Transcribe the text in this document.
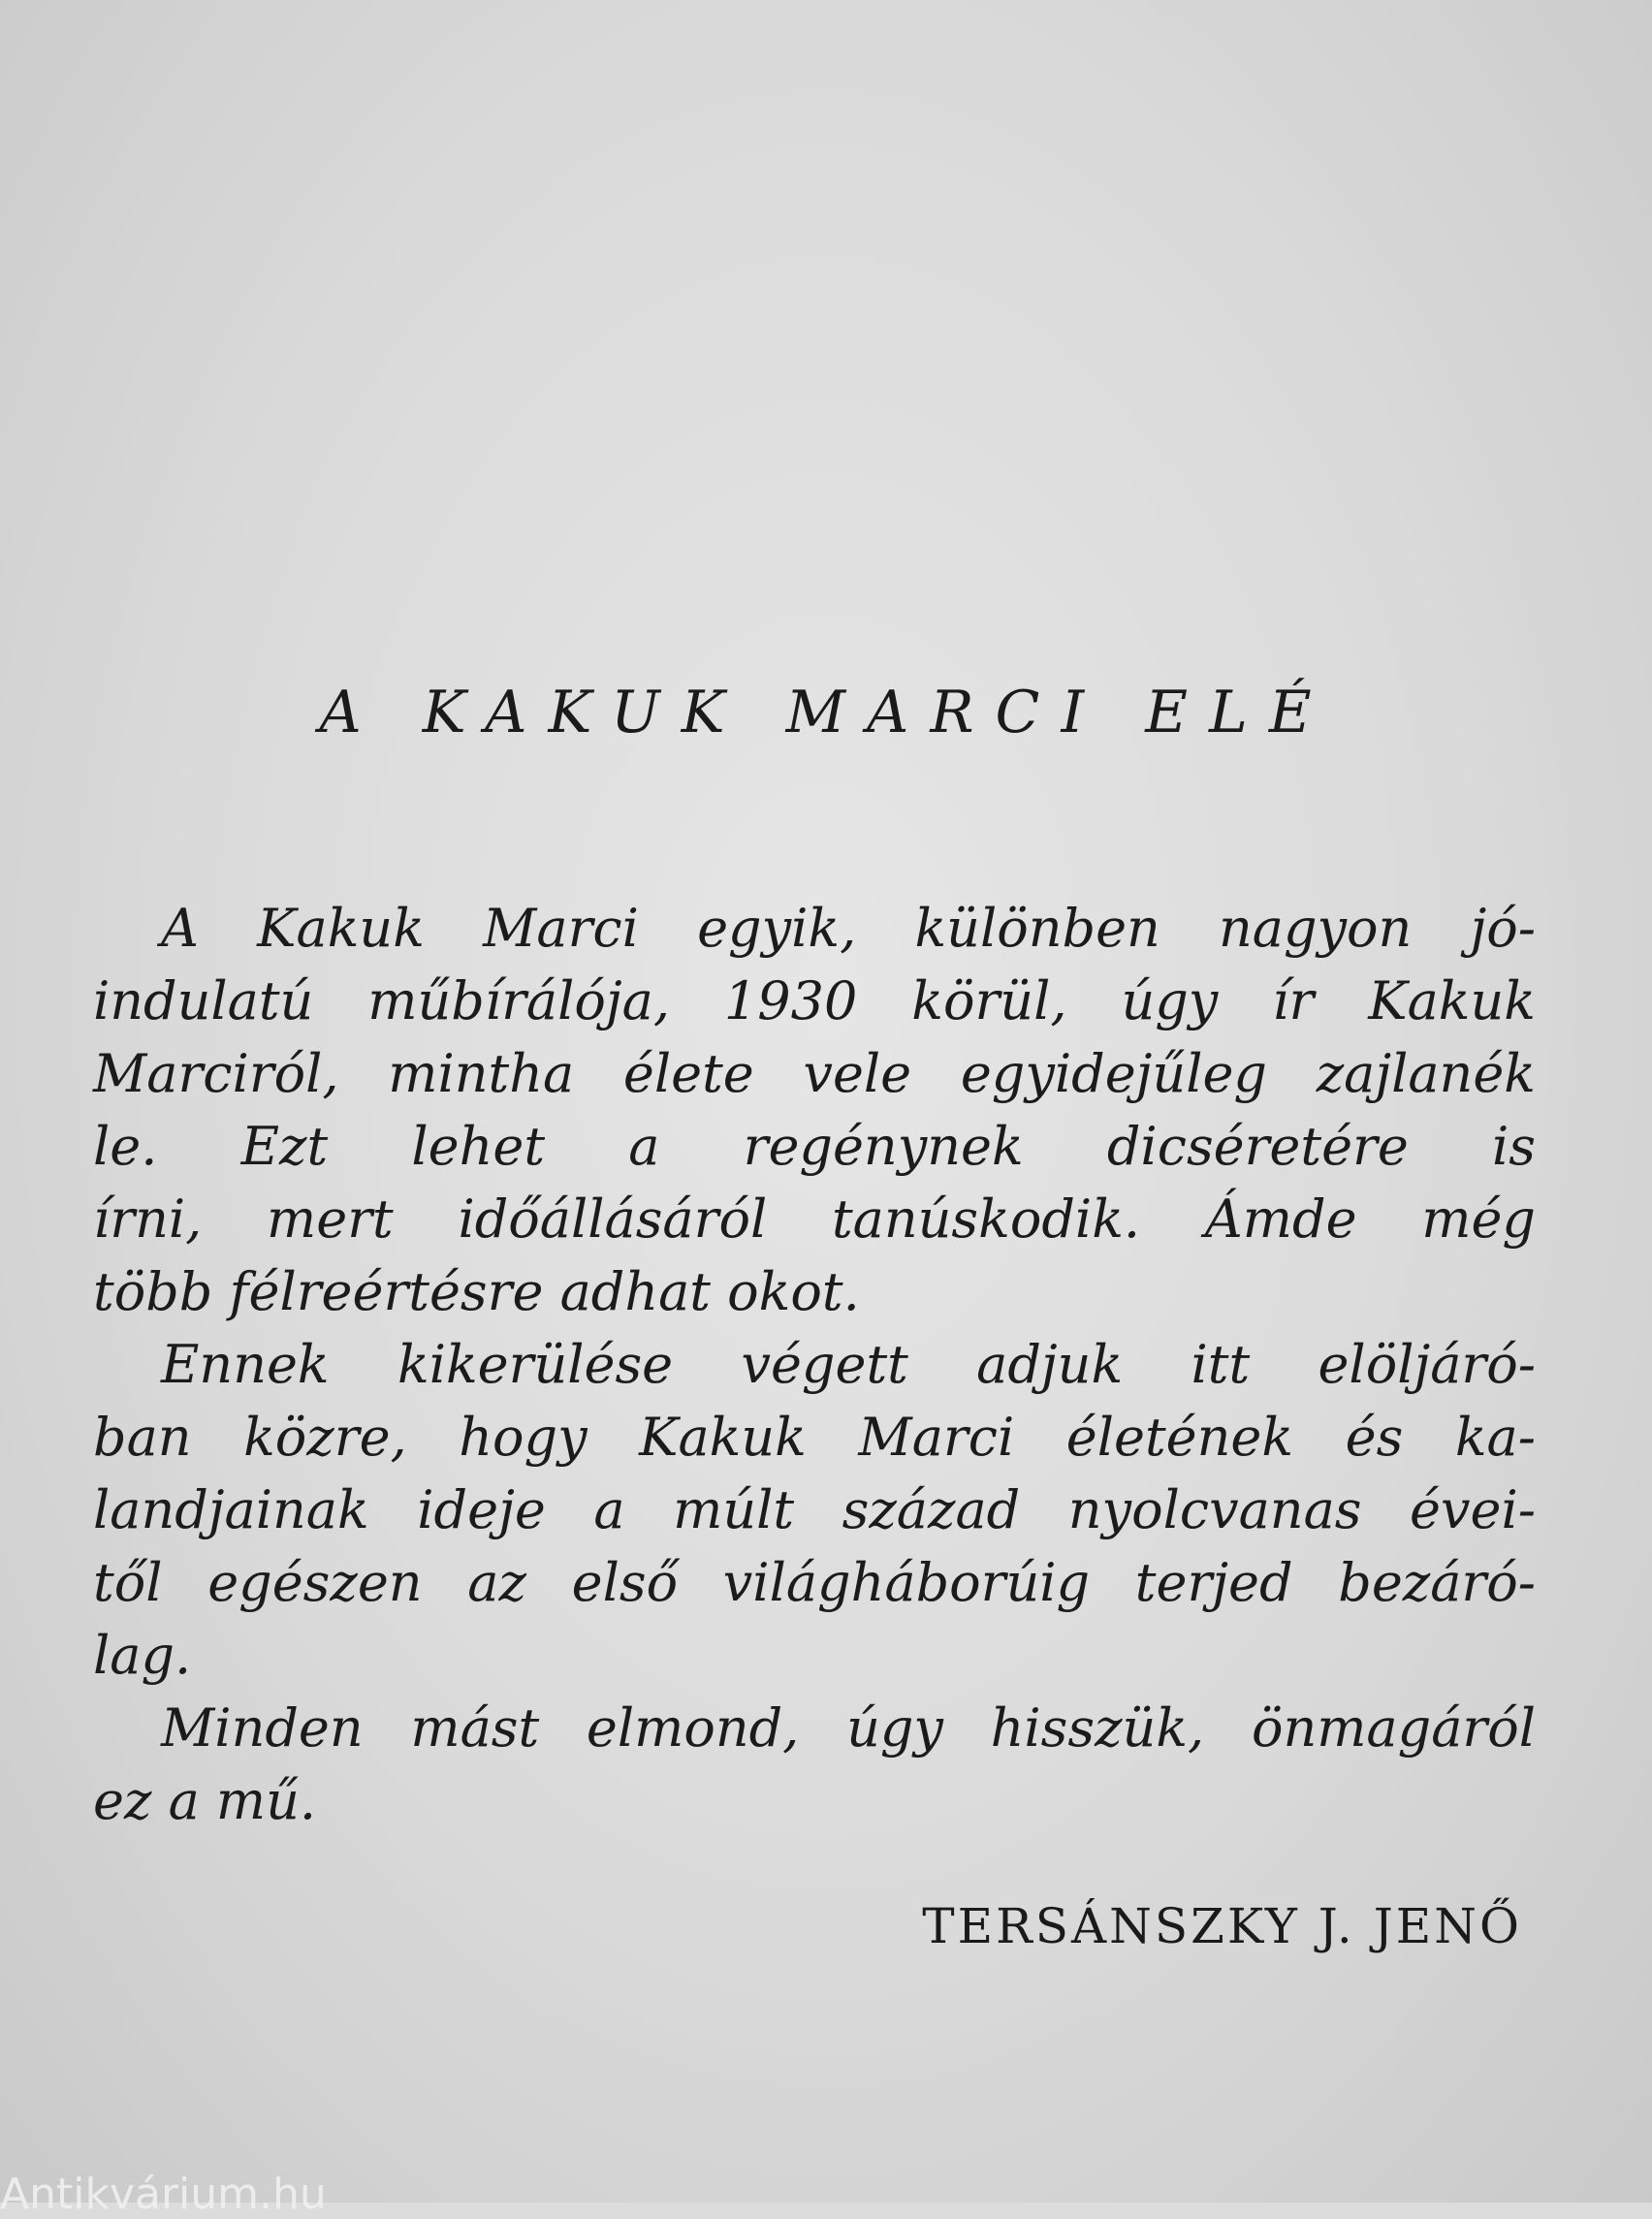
A KAKUK MARCI ELÉ
A Kakuk Marci egyik, különben nagyon jó-
indulatú műbírálója, 1930 körül, úgy ír Kakuk
Marciról, mintha élete vele egyidejűleg zajlanék
le. Ezt lehet a regénynek dicséretére is
írni, mert időállásáról tanúskodik. Ámde még
több félreértésre adhat okot.
Ennek kikerülése végett adjuk itt elöljáró-
ban közre, hogy Kakuk Marci életének és ka-
landjainak ideje a múlt század nyolcvanas évei-
től egészen az első világháborúig terjed bezáró-
lag.
Minden mást elmond, úgy hisszük, önmagáról
ez a mű.
TERSÁNSZKY J. JENŐ
Antikvárium.hu
